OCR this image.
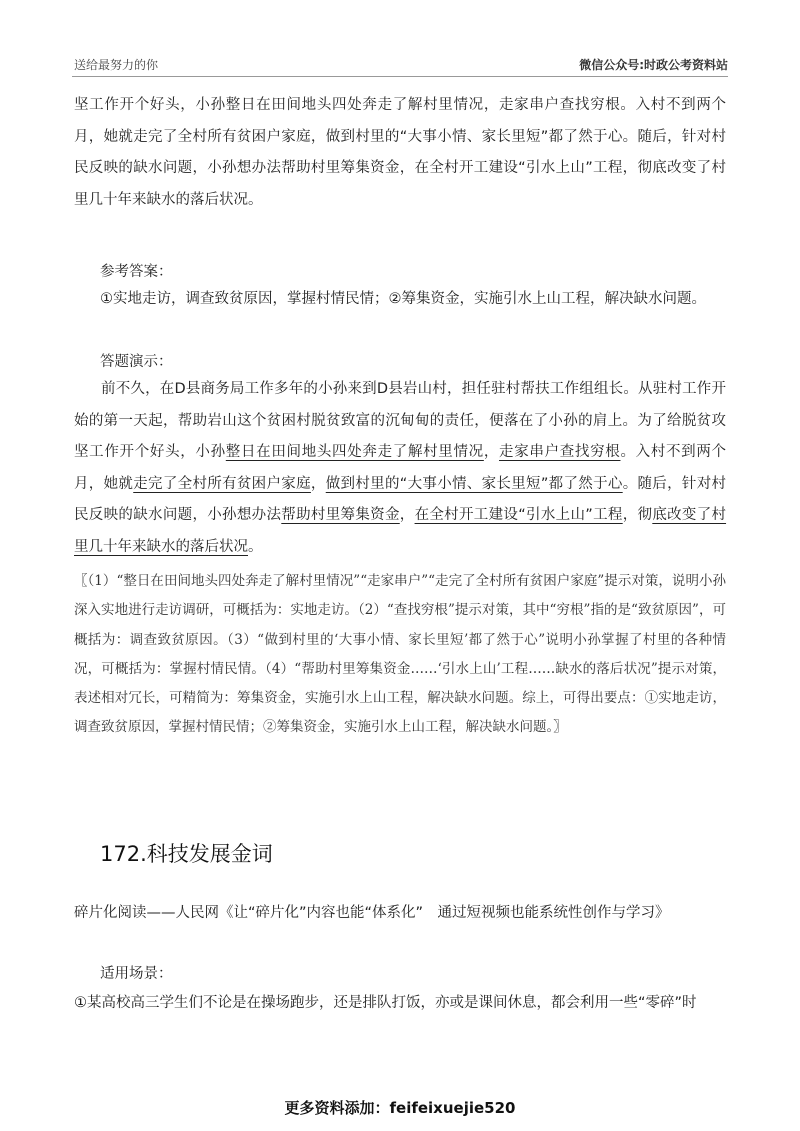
送给最努力的你	微信公众号:时政公考资料站

坚工作开个好头，小孙整日在田间地头四处奔走了解村里情况，走家串户查找穷根。入村不到两个月，她就走完了全村所有贫困户家庭，做到村里的“大事小情、家长里短”都了然于心。随后，针对村民反映的缺水问题，小孙想办法帮助村里筹集资金，在全村开工建设“引水上山”工程，彻底改变了村里几十年来缺水的落后状况。

参考答案：

①实地走访，调查致贫原因，掌握村情民情；②筹集资金，实施引水上山工程，解决缺水问题。

答题演示：

前不久，在D县商务局工作多年的小孙来到D县岩山村，担任驻村帮扶工作组组长。从驻村工作开始的第一天起，帮助岩山这个贫困村脱贫致富的沉甸甸的责任，便落在了小孙的肩上。为了给脱贫攻坚工作开个好头，小孙整日在田间地头四处奔走了解村里情况，走家串户查找穷根。入村不到两个月，她就走完了全村所有贫困户家庭，做到村里的“大事小情、家长里短”都了然于心。随后，针对村民反映的缺水问题，小孙想办法帮助村里筹集资金，在全村开工建设“引水上山”工程，彻底改变了村里几十年来缺水的落后状况。

〖（1）“整日在田间地头四处奔走了解村里情况”“走家串户”“走完了全村所有贫困户家庭”提示对策，说明小孙深入实地进行走访调研，可概括为：实地走访。（2）“查找穷根”提示对策，其中“穷根”指的是“致贫原因”，可概括为：调查致贫原因。（3）“做到村里的‘大事小情、家长里短’都了然于心”说明小孙掌握了村里的各种情况，可概括为：掌握村情民情。（4）“帮助村里筹集资金……‘引水上山’工程……缺水的落后状况”提示对策，表述相对冗长，可精简为：筹集资金，实施引水上山工程，解决缺水问题。综上，可得出要点：①实地走访，调查致贫原因，掌握村情民情；②筹集资金，实施引水上山工程，解决缺水问题。〗

172.科技发展金词

碎片化阅读——人民网《让“碎片化”内容也能“体系化”　通过短视频也能系统性创作与学习》

适用场景：

①某高校高三学生们不论是在操场跑步，还是排队打饭，亦或是课间休息，都会利用一些“零碎”时

更多资料添加：feifeixuejie520
